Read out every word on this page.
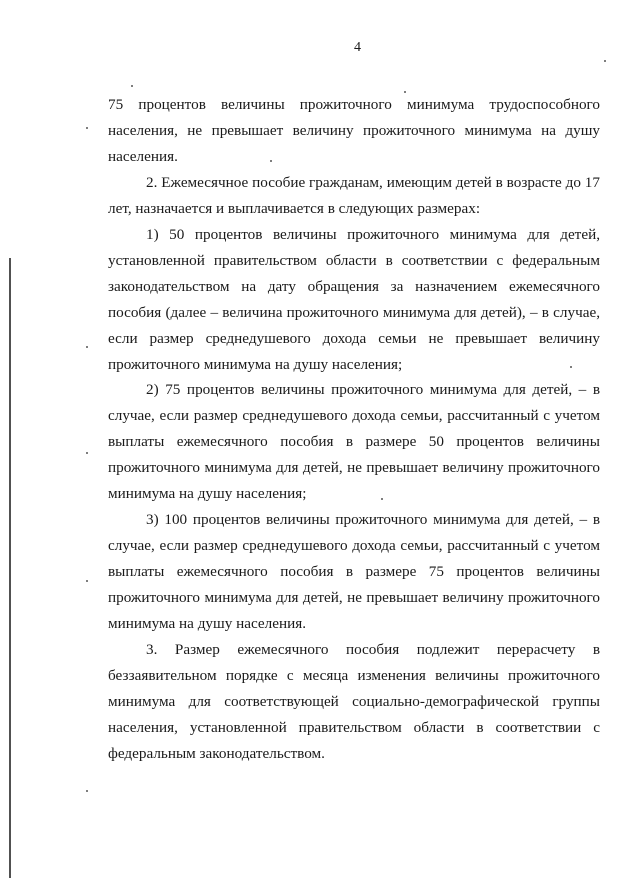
4

75 процентов величины прожиточного минимума трудоспособного населения, не превышает величину прожиточного минимума на душу населения.

2. Ежемесячное пособие гражданам, имеющим детей в возрасте до 17 лет, назначается и выплачивается в следующих размерах:

1) 50 процентов величины прожиточного минимума для детей, установленной правительством области в соответствии с федеральным законодательством на дату обращения за назначением ежемесячного пособия (далее – величина прожиточного минимума для детей), – в случае, если размер среднедушевого дохода семьи не превышает величину прожиточного минимума на душу населения;

2) 75 процентов величины прожиточного минимума для детей, – в случае, если размер среднедушевого дохода семьи, рассчитанный с учетом выплаты ежемесячного пособия в размере 50 процентов величины прожиточного минимума для детей, не превышает величину прожиточного минимума на душу населения;

3) 100 процентов величины прожиточного минимума для детей, – в случае, если размер среднедушевого дохода семьи, рассчитанный с учетом выплаты ежемесячного пособия в размере 75 процентов величины прожиточного минимума для детей, не превышает величину прожиточного минимума на душу населения.

3. Размер ежемесячного пособия подлежит перерасчету в беззаявительном порядке с месяца изменения величины прожиточного минимума для соответствующей социально-демографической группы населения, установленной правительством области в соответствии с федеральным законодательством.
